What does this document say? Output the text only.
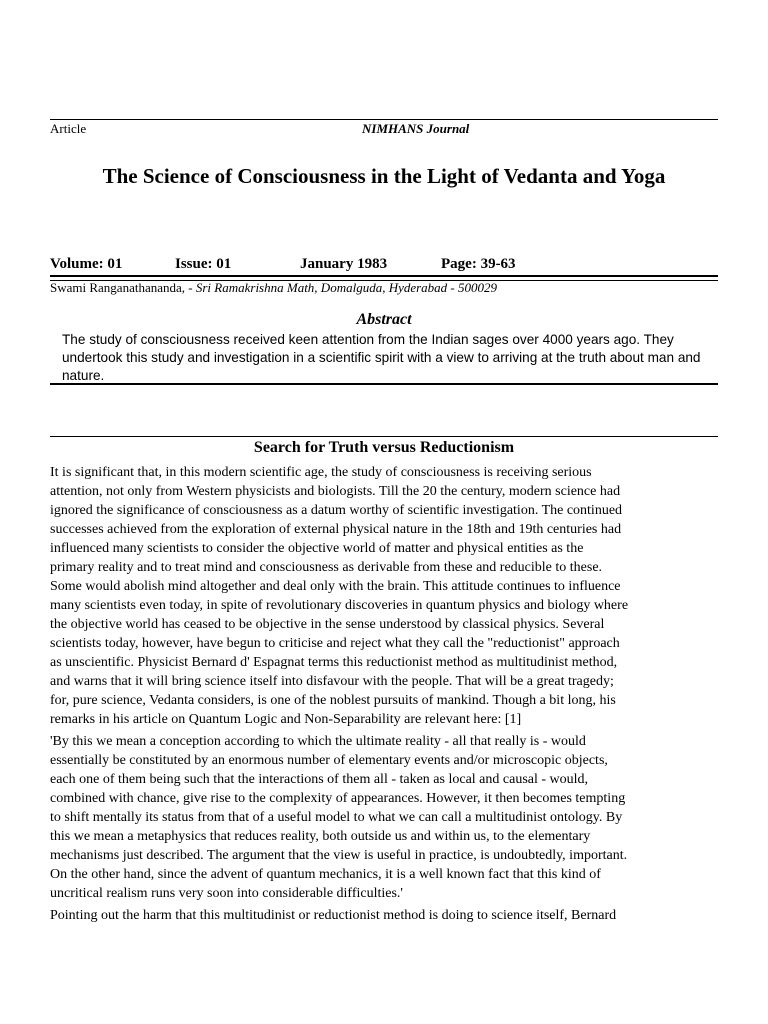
Article	NIMHANS Journal
The Science of Consciousness in the Light of Vedanta and Yoga
Volume: 01	Issue: 01	January 1983	Page: 39-63
Swami Ranganathananda, - Sri Ramakrishna Math, Domalguda, Hyderabad - 500029
Abstract

The study of consciousness received keen attention from the Indian sages over 4000 years ago. They undertook this study and investigation in a scientific spirit with a view to arriving at the truth about man and nature.

Search for Truth versus Reductionism

It is significant that, in this modern scientific age, the study of consciousness is receiving serious
attention, not only from Western physicists and biologists. Till the 20 the century, modern science had
ignored the significance of consciousness as a datum worthy of scientific investigation. The continued
successes achieved from the exploration of external physical nature in the 18th and 19th centuries had
influenced many scientists to consider the objective world of matter and physical entities as the
primary reality and to treat mind and consciousness as derivable from these and reducible to these.
Some would abolish mind altogether and deal only with the brain. This attitude continues to influence
many scientists even today, in spite of revolutionary discoveries in quantum physics and biology where
the objective world has ceased to be objective in the sense understood by classical physics. Several
scientists today, however, have begun to criticise and reject what they call the "reductionist" approach
as unscientific. Physicist Bernard d' Espagnat terms this reductionist method as multitudinist method,
and warns that it will bring science itself into disfavour with the people. That will be a great tragedy;
for, pure science, Vedanta considers, is one of the noblest pursuits of mankind. Though a bit long, his
remarks in his article on Quantum Logic and Non-Separability are relevant here: [1]

'By this we mean a conception according to which the ultimate reality - all that really is - would
essentially be constituted by an enormous number of elementary events and/or microscopic objects,
each one of them being such that the interactions of them all - taken as local and causal - would,
combined with chance, give rise to the complexity of appearances. However, it then becomes tempting
to shift mentally its status from that of a useful model to what we can call a multitudinist ontology. By
this we mean a metaphysics that reduces reality, both outside us and within us, to the elementary
mechanisms just described. The argument that the view is useful in practice, is undoubtedly, important.
On the other hand, since the advent of quantum mechanics, it is a well known fact that this kind of
uncritical realism runs very soon into considerable difficulties.'

Pointing out the harm that this multitudinist or reductionist method is doing to science itself, Bernard
